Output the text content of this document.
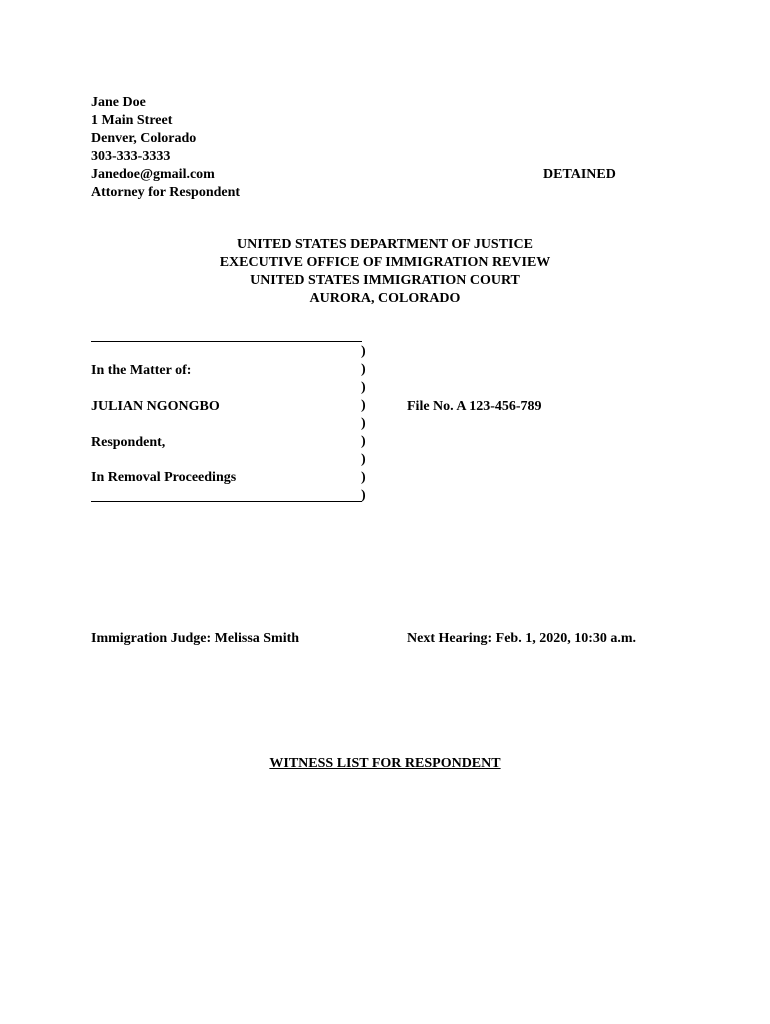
Jane Doe
1 Main Street
Denver, Colorado
303-333-3333
Janedoe@gmail.com
Attorney for Respondent
DETAINED
UNITED STATES DEPARTMENT OF JUSTICE
EXECUTIVE OFFICE OF IMMIGRATION REVIEW
UNITED STATES IMMIGRATION COURT
AURORA, COLORADO
)
)
)
)
)
)
)
)
)
In the Matter of:
JULIAN NGONGBO
Respondent,
In Removal Proceedings
File No. A 123-456-789
Immigration Judge: Melissa Smith	Next Hearing: Feb. 1, 2020, 10:30 a.m.
WITNESS LIST FOR RESPONDENT
